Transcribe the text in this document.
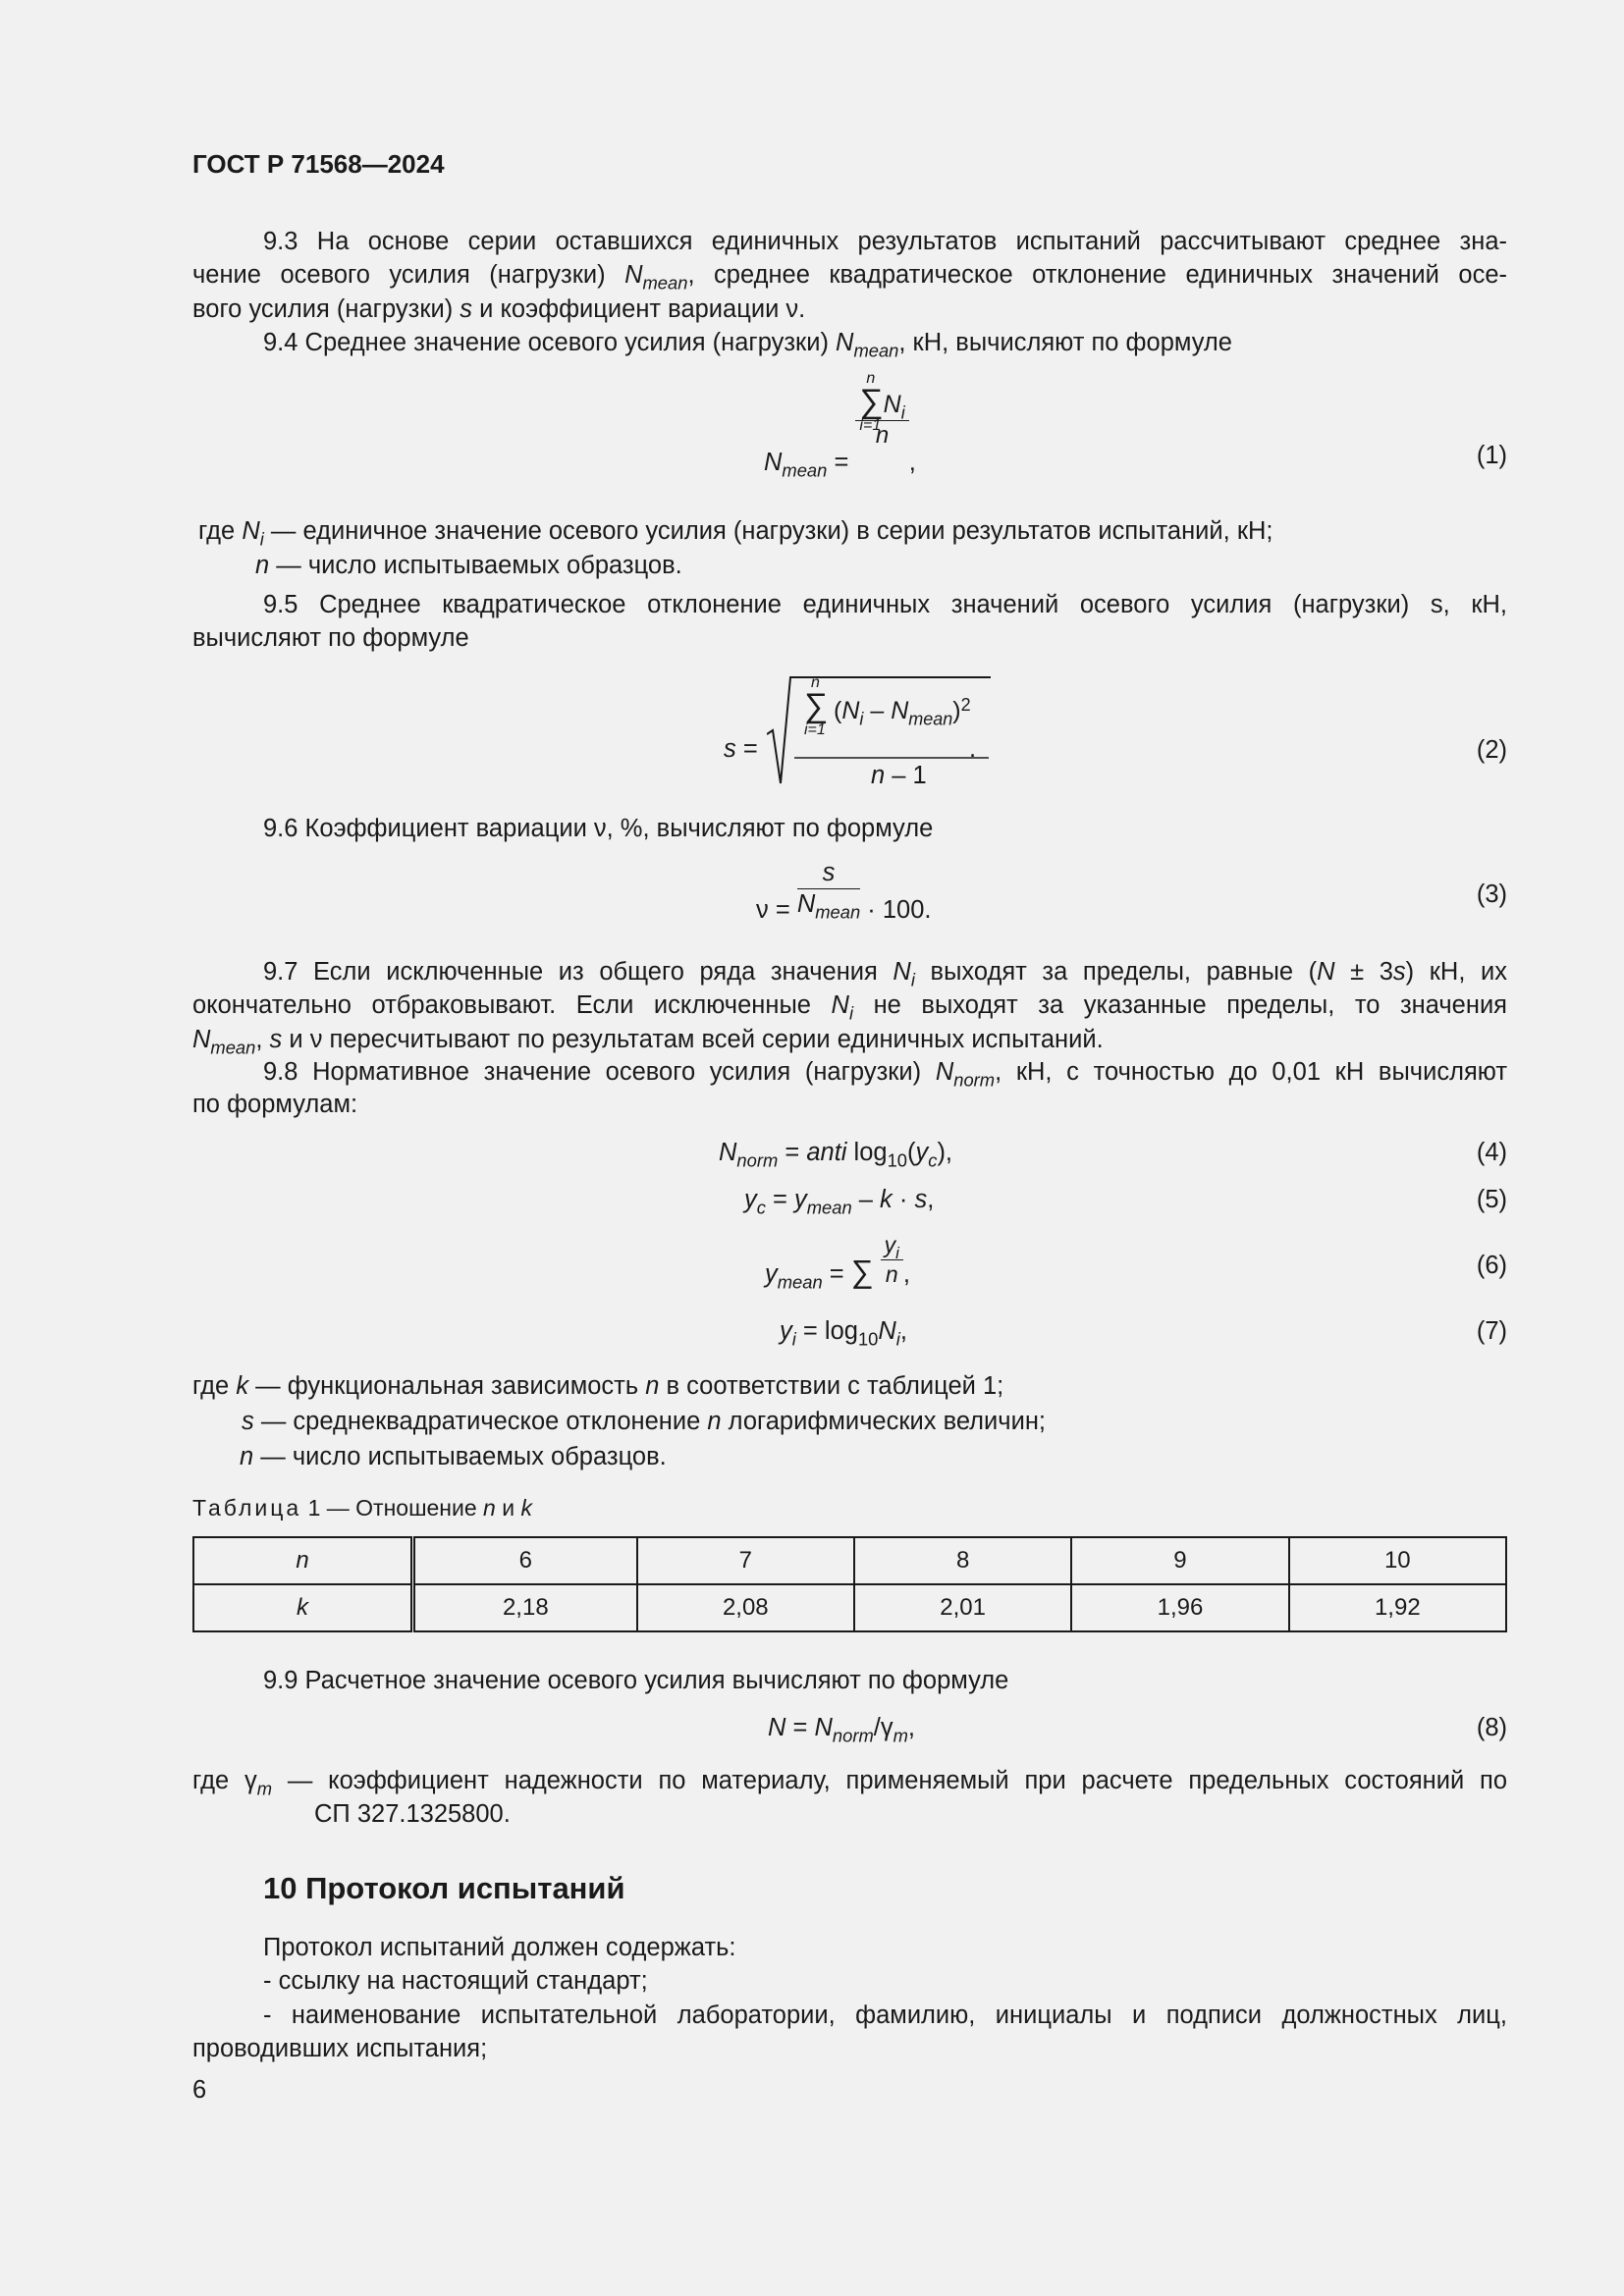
ГОСТ Р 71568—2024
9.3 На основе серии оставшихся единичных результатов испытаний рассчитывают среднее зна-
чение осевого усилия (нагрузки) $N_{mean}$, среднее квадратическое отклонение единичных значений осе-
вого усилия (нагрузки) s и коэффициент вариации ν.
9.4 Среднее значение осевого усилия (нагрузки) $N_{mean}$, кН, вычисляют по формуле
$N_{mean}$ =
∑
n
i=1
$N_i$
n
,	(1)
где $N_i$ — единичное значение осевого усилия (нагрузки) в серии результатов испытаний, кН;
n — число испытываемых образцов.
9.5 Среднее квадратическое отклонение единичных значений осевого усилия (нагрузки) s, кН,
вычисляют по формуле
s =
∑
n
i=1
$(N_i - N_{mean})^2$
n – 1
.	(2)
9.6 Коэффициент вариации ν, %, вычисляют по формуле
$\nu = \frac{s}{N_{mean}} \cdot 100$.
(3)
9.7 Если исключенные из общего ряда значения $N_i$ выходят за пределы, равные (N ± 3s) кН, их
окончательно отбраковывают. Если исключенные $N_i$ не выходят за указанные пределы, то значения
$N_{mean}$, s и ν пересчитывают по результатам всей серии единичных испытаний.
9.8 Нормативное значение осевого усилия (нагрузки) $N_{norm}$, кН, с точностью до 0,01 кН вычисляют
по формулам:
$N_{norm}$ = anti $\log_{10}(y_c)$,	(4)
$y_c = y_{mean} - k \cdot s$,	(5)
$y_{mean}$ = ∑ $\frac{y_i}{n}$ ,	(6)
$y_i = \log_{10}N_i$,	(7)
где k — функциональная зависимость n в соответствии с таблицей 1;
s — среднеквадратическое отклонение n логарифмических величин;
n — число испытываемых образцов.
Таблица 1 — Отношение n и k
n	6	7	8	9	10
k	2,18	2,08	2,01	1,96	1,92
9.9 Расчетное значение осевого усилия вычисляют по формуле
$N = N_{norm}/\gamma_m$,	(8)
где $\gamma_m$ — коэффициент надежности по материалу, применяемый при расчете предельных состояний по
СП 327.1325800.
10 Протокол испытаний
Протокол испытаний должен содержать:
- ссылку на настоящий стандарт;
- наименование испытательной лаборатории, фамилию, инициалы и подписи должностных лиц,
проводивших испытания;
6
